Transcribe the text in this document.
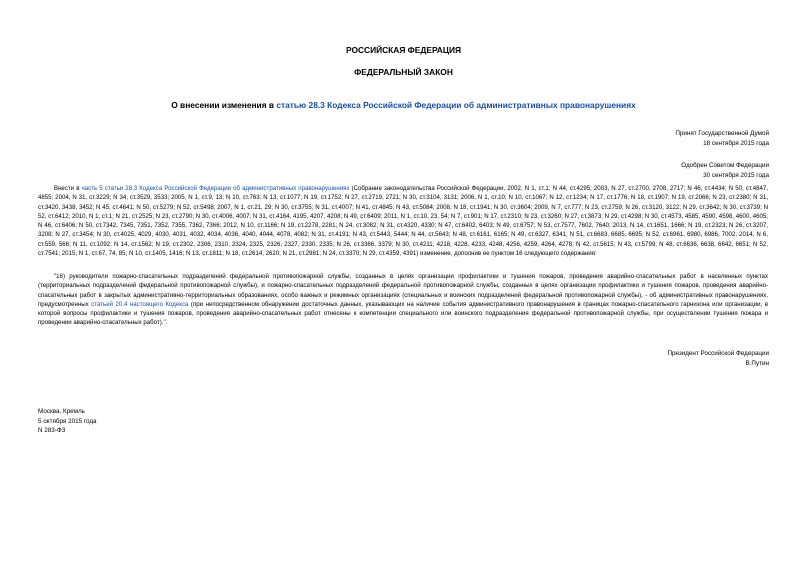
РОССИЙСКАЯ ФЕДЕРАЦИЯ
ФЕДЕРАЛЬНЫЙ ЗАКОН
О внесении изменения в статью 28.3 Кодекса Российской Федерации об административных правонарушениях
Принят Государственной Думой
18 сентября 2015 года
Одобрен Советом Федерации
30 сентября 2015 года
Внести в часть 5 статьи 28.3 Кодекса Российской Федерации об административных правонарушениях (Собрание законодательства Российской Федерации, 2002, N 1, ст.1; N 44, ст.4295; 2003, N 27, ст.2700, 2708, 2717; N 46, ст.4434; N 50, ст.4847, 4855; 2004, N 31, ст.3229; N 34, ст.3529, 3533; 2005, N 1, ст.9, 13; N 10, ст.763; N 13, ст.1077; N 19, ст.1752; N 27, ст.2719, 2721; N 30, ст.3104, 3131; 2006, N 1, ст.10; N 10, ст.1067; N 12, ст.1234; N 17, ст.1776; N 18, ст.1907; N 19, ст.2066; N 23, ст.2380; N 31, ст.3420, 3438, 3452; N 45, ст.4641; N 50, ст.5279; N 52, ст.5498; 2007, N 1, ст.21, 29; N 30, ст.3755; N 31, ст.4007; N 41, ст.4845; N 43, ст.5084; 2008, N 18, ст.1941; N 30, ст.3604; 2009, N 7, ст.777; N 23, ст.2759; N 26, ст.3120, 3122; N 29, ст.3642; N 30, ст.3739; N 52, ст.6412; 2010, N 1, ст.1; N 21, ст.2525; N 23, ст.2790; N 30, ст.4006, 4007; N 31, ст.4164, 4195, 4207, 4208; N 49, ст.6409; 2011, N 1, ст.10, 23, 54; N 7, ст.901; N 17, ст.2310; N 23, ст.3260; N 27, ст.3873; N 29, ст.4298; N 30, ст.4573, 4585, 4590, 4598, 4600, 4605; N 46, ст.6406; N 50, ст.7342, 7345, 7351, 7352, 7355, 7362, 7366; 2012, N 10, ст.1166; N 19, ст.2278, 2281; N 24, ст.3082; N 31, ст.4320, 4330; N 47, ст.6402, 6403; N 49, ст.6757; N 53, ст.7577, 7602, 7640; 2013, N 14, ст.1651, 1666; N 19, ст.2323; N 26, ст.3207, 3208; N 27, ст.3454; N 30, ст.4025, 4029, 4030, 4031, 4032, 4034, 4036, 4040, 4044, 4078, 4082; N 31, ст.4191; N 43, ст.5443, 5444; N 44, ст.5643; N 48, ст.6161, 6165; N 49, ст.6327, 6341; N 51, ст.6683, 6685, 6695; N 52, ст.6961, 6980, 6986, 7002; 2014, N 6, ст.559, 566; N 11, ст.1092; N 14, ст.1562; N 19, ст.2302, 2306, 2310, 2324, 2325, 2326, 2327, 2330, 2335; N 26, ст.3366, 3379; N 30, ст.4211, 4218, 4228, 4233, 4248, 4256, 4259, 4264, 4278; N 42, ст.5615; N 43, ст.5799; N 48, ст.6636, 6638, 6642, 6651; N 52, ст.7541; 2015, N 1, ст.67, 74, 85; N 10, ст.1405, 1416; N 13, ст.1811; N 18, ст.2614, 2620; N 21, ст.2981; N 24, ст.3370; N 29, ст.4359, 4391) изменение, дополнив ее пунктом 16 следующего содержания:
"16) руководители пожарно-спасательных подразделений федеральной противопожарной службы, созданных в целях организации профилактики и тушения пожаров, проведения аварийно-спасательных работ в населенных пунктах (территориальных подразделений федеральной противопожарной службы), и пожарно-спасательных подразделений федеральной противопожарной службы, созданных в целях организации профилактики и тушения пожаров, проведения аварийно-спасательных работ в закрытых административно-территориальных образованиях, особо важных и режимных организациях (специальных и воинских подразделений федеральной противопожарной службы), - об административных правонарушениях, предусмотренных статьей 20.4 настоящего Кодекса (при непосредственном обнаружении достаточных данных, указывающих на наличие события административного правонарушения в границах пожарно-спасательного гарнизона или организации, в которой вопросы профилактики и тушения пожаров, проведения аварийно-спасательных работ отнесены к компетенции специального или воинского подразделения федеральной противопожарной службы, при осуществлении тушения пожара и проведении аварийно-спасательных работ).".
Президент Российской Федерации
В.Путин
Москва, Кремль
5 октября 2015 года
N 283-ФЗ
